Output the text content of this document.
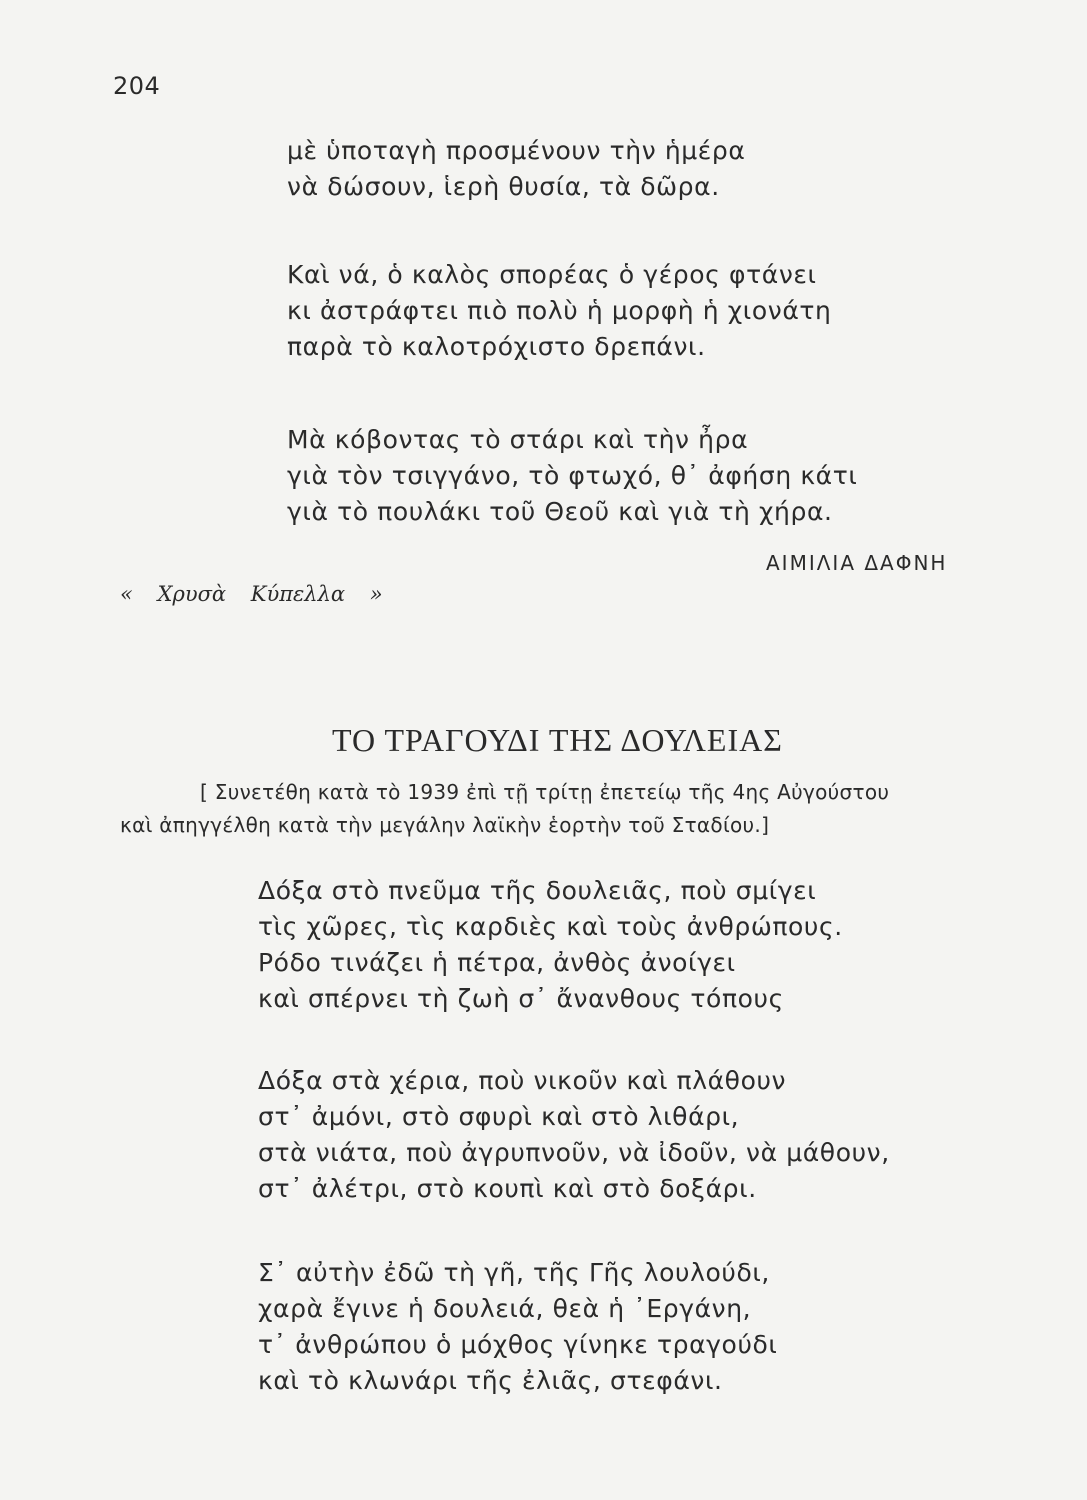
204
μὲ ὑποταγὴ προσμένουν τὴν ἡμέρα
νὰ δώσουν, ἱερὴ θυσία, τὰ δῶρα.
Καὶ νά, ὁ καλὸς σπορέας ὁ γέρος φτάνει
κι ἀστράφτει πιὸ πολὺ ἡ μορφὴ ἡ χιονάτη
παρὰ τὸ καλοτρόχιστο δρεπάνι.
Μὰ κόβοντας τὸ στάρι καὶ τὴν ἦρα
γιὰ τὸν τσιγγάνο, τὸ φτωχό, θ᾽ ἀφήση κάτι
γιὰ τὸ πουλάκι τοῦ Θεοῦ καὶ γιὰ τὴ χήρα.
ΑΙΜΙΛΙΑ ΔΑΦΝΗ
« Χρυσὰ Κύπελλα »
ΤΟ ΤΡΑΓΟΥΔΙ ΤΗΣ ΔΟΥΛΕΙΑΣ
[ Συνετέθη κατὰ τὸ 1939 ἐπὶ τῇ τρίτῃ ἐπετείῳ τῆς 4ης Αὐγούστου
καὶ ἀπηγγέλθη κατὰ τὴν μεγάλην λαϊκὴν ἑορτὴν τοῦ Σταδίου.]
Δόξα στὸ πνεῦμα τῆς δουλειᾶς, ποὺ σμίγει
τὶς χῶρες, τὶς καρδιὲς καὶ τοὺς ἀνθρώπους.
Ρόδο τινάζει ἡ πέτρα, ἀνθὸς ἀνοίγει
καὶ σπέρνει τὴ ζωὴ σ᾽ ἄνανθους τόπους
Δόξα στὰ χέρια, ποὺ νικοῦν καὶ πλάθουν
στ᾽ ἀμόνι, στὸ σφυρὶ καὶ στὸ λιθάρι,
στὰ νιάτα, ποὺ ἀγρυπνοῦν, νὰ ἰδοῦν, νὰ μάθουν,
στ᾽ ἀλέτρι, στὸ κουπὶ καὶ στὸ δοξάρι.
Σ᾽ αὐτὴν ἐδῶ τὴ γῆ, τῆς Γῆς λουλούδι,
χαρὰ ἔγινε ἡ δουλειά, θεὰ ἡ ᾿Εργάνη,
τ᾽ ἀνθρώπου ὁ μόχθος γίνηκε τραγούδι
καὶ τὸ κλωνάρι τῆς ἐλιᾶς, στεφάνι.
